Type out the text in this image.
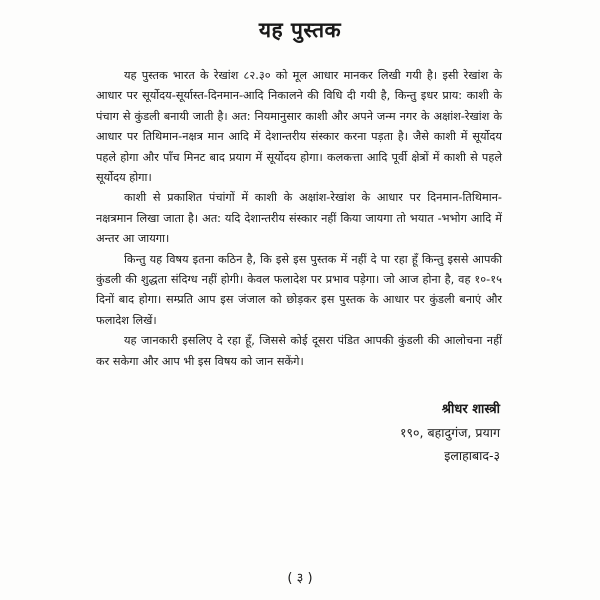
यह पुस्तक

यह पुस्तक भारत के रेखांश ८२.३० को मूल आधार मानकर लिखी गयी है। इसी रेखांश के आधार पर सूर्योदय-सूर्यास्त-दिनमान-आदि निकालने की विधि दी गयी है, किन्तु इधर प्राय: काशी के पंचाग से कुंडली बनायी जाती है। अत: नियमानुसार काशी और अपने जन्म नगर के अक्षांश-रेखांश के आधार पर तिथिमान-नक्षत्र मान आदि में देशान्तरीय संस्कार करना पड़ता है। जैसे काशी में सूर्योदय पहले होगा और पाँच मिनट बाद प्रयाग में सूर्योदय होगा। कलकत्ता आदि पूर्वी क्षेत्रों में काशी से पहले सूर्योदय होगा।

काशी से प्रकाशित पंचांगों में काशी के अक्षांश-रेखांश के आधार पर दिनमान-तिथिमान-नक्षत्रमान लिखा जाता है। अत: यदि देशान्तरीय संस्कार नहीं किया जायगा तो भयात -भभोग आदि में अन्तर आ जायगा।

किन्तु यह विषय इतना कठिन है, कि इसे इस पुस्तक में नहीं दे पा रहा हूँ किन्तु इससे आपकी कुंडली की शुद्धता संदिग्ध नहीं होगी। केवल फलादेश पर प्रभाव पड़ेगा। जो आज होना है, वह १०-१५ दिनों बाद होगा। सम्प्रति आप इस जंजाल को छोड़कर इस पुस्तक के आधार पर कुंडली बनाएं और फलादेश लिखें।

यह जानकारी इसलिए दे रहा हूँ, जिससे कोई दूसरा पंडित आपकी कुंडली की आलोचना नहीं कर सकेगा और आप भी इस विषय को जान सकेंगे।

श्रीधर शास्त्री
१९०, बहादुगंज, प्रयाग
इलाहाबाद-३
( ३ )
